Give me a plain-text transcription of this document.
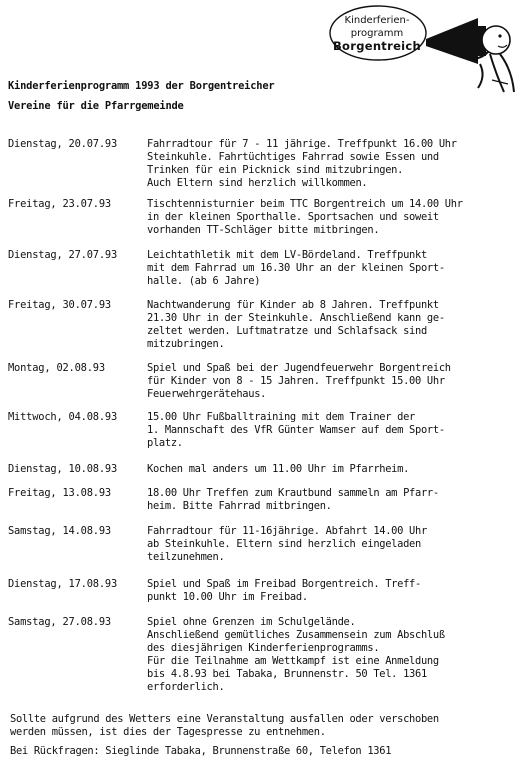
Kinderferien-
programm
Borgentreich
Kinderferienprogramm 1993 der Borgentreicher
Vereine für die Pfarrgemeinde
Dienstag, 20.07.93	Fahrradtour für 7 - 11 jährige. Treffpunkt 16.00 Uhr
Steinkuhle. Fahrtüchtiges Fahrrad sowie Essen und
Trinken für ein Picknick sind mitzubringen.
Auch Eltern sind herzlich willkommen.
Freitag, 23.07.93	Tischtennisturnier beim TTC Borgentreich um 14.00 Uhr
in der kleinen Sporthalle. Sportsachen und soweit
vorhanden TT-Schläger bitte mitbringen.
Dienstag, 27.07.93	Leichtathletik mit dem LV-Bördeland. Treffpunkt
mit dem Fahrrad um 16.30 Uhr an der kleinen Sport-
halle. (ab 6 Jahre)
Freitag, 30.07.93	Nachtwanderung für Kinder ab 8 Jahren. Treffpunkt
21.30 Uhr in der Steinkuhle. Anschließend kann ge-
zeltet werden. Luftmatratze und Schlafsack sind
mitzubringen.
Montag, 02.08.93	Spiel und Spaß bei der Jugendfeuerwehr Borgentreich
für Kinder von 8 - 15 Jahren. Treffpunkt 15.00 Uhr
Feuerwehrgerätehaus.
Mittwoch, 04.08.93	15.00 Uhr Fußballtraining mit dem Trainer der
1. Mannschaft des VfR Günter Wamser auf dem Sport-
platz.
Dienstag, 10.08.93	Kochen mal anders um 11.00 Uhr im Pfarrheim.
Freitag, 13.08.93	18.00 Uhr Treffen zum Krautbund sammeln am Pfarr-
heim. Bitte Fahrrad mitbringen.
Samstag, 14.08.93	Fahrradtour für 11-16jährige. Abfahrt 14.00 Uhr
ab Steinkuhle. Eltern sind herzlich eingeladen
teilzunehmen.
Dienstag, 17.08.93	Spiel und Spaß im Freibad Borgentreich. Treff-
punkt 10.00 Uhr im Freibad.
Samstag, 27.08.93	Spiel ohne Grenzen im Schulgelände.
Anschließend gemütliches Zusammensein zum Abschluß
des diesjährigen Kinderferienprogramms.
Für die Teilnahme am Wettkampf ist eine Anmeldung
bis 4.8.93 bei Tabaka, Brunnenstr. 50 Tel. 1361
erforderlich.
Sollte aufgrund des Wetters eine Veranstaltung ausfallen oder verschoben
werden müssen, ist dies der Tagespresse zu entnehmen.
Bei Rückfragen: Sieglinde Tabaka, Brunnenstraße 60, Telefon 1361
